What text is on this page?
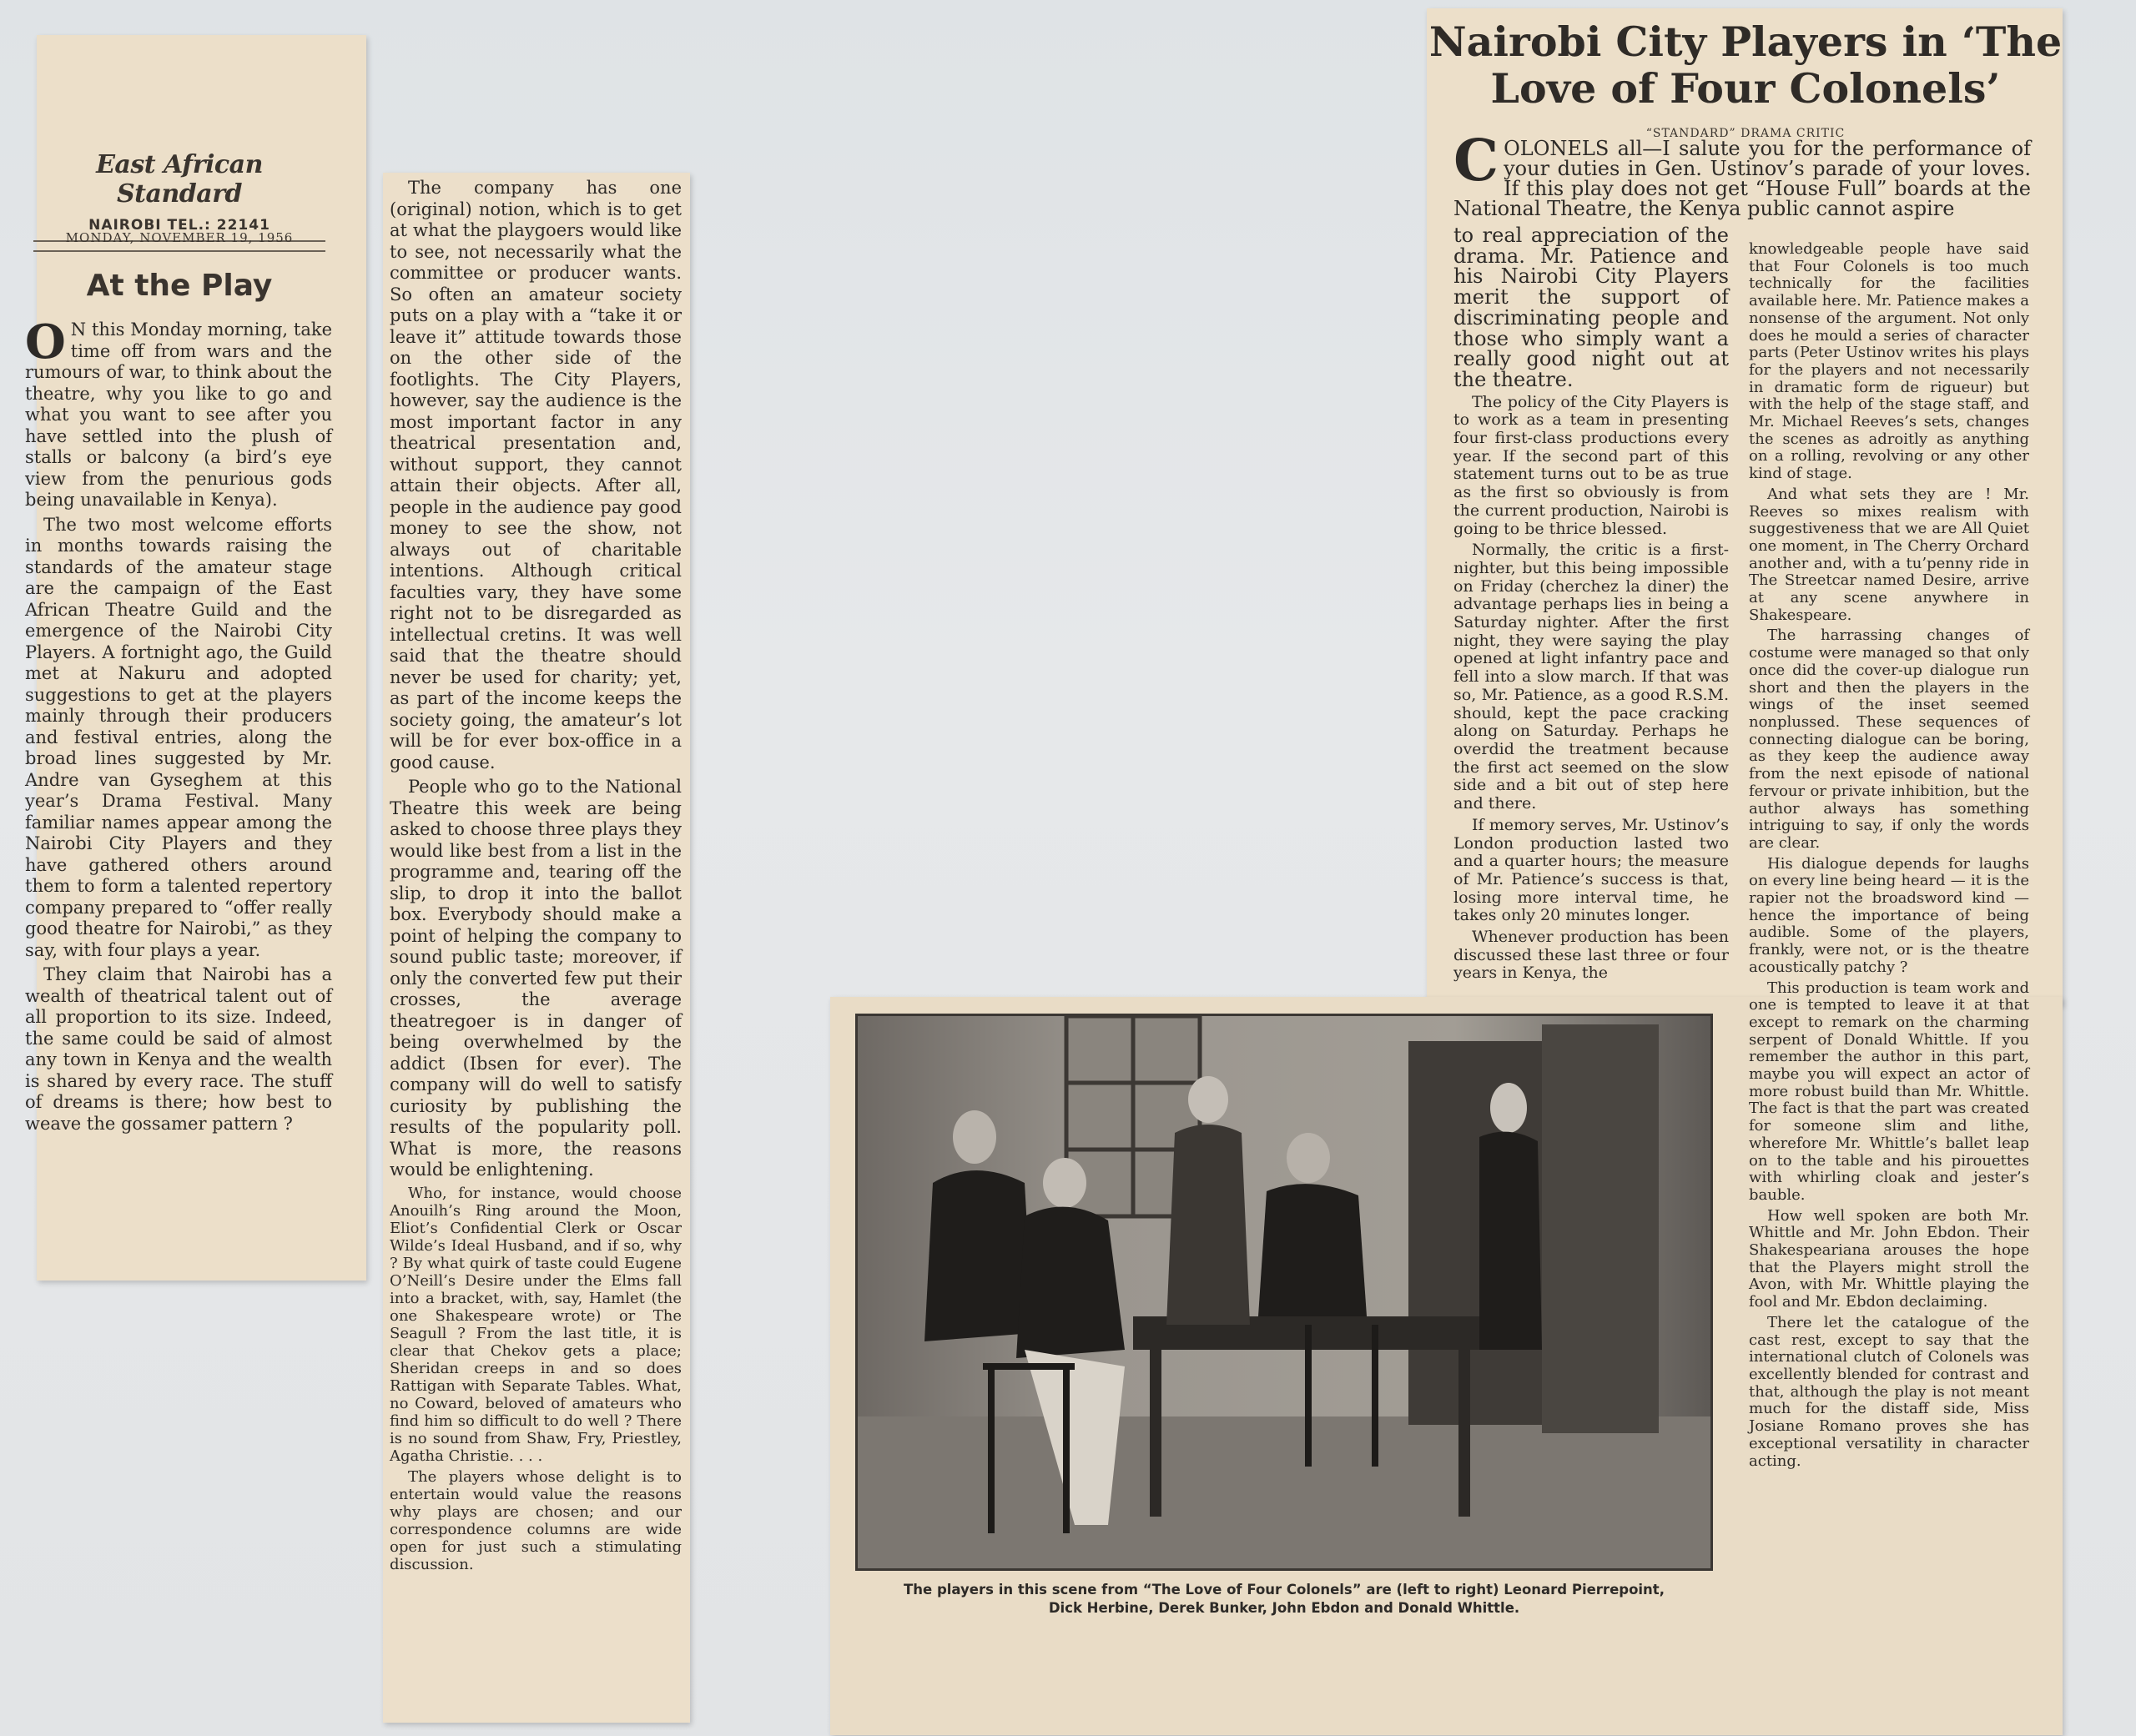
East African Standard
NAIROBI TEL.: 22141
MONDAY, NOVEMBER 19, 1956
At the Play

O N this Monday morning, take time off from wars and the rumours of war, to think about the theatre, why you like to go and what you want to see after you have settled into the plush of stalls or balcony (a bird’s eye view from the penurious gods being unavailable in Kenya).

The two most welcome efforts in months towards raising the standards of the amateur stage are the campaign of the East African Theatre Guild and the emergence of the Nairobi City Players. A fortnight ago, the Guild met at Nakuru and adopted suggestions to get at the players mainly through their producers and festival entries, along the broad lines suggested by Mr. Andre van Gyseghem at this year’s Drama Festival. Many familiar names appear among the Nairobi City Players and they have gathered others around them to form a talented repertory company prepared to “offer really good theatre for Nairobi,” as they say, with four plays a year.

They claim that Nairobi has a wealth of theatrical talent out of all proportion to its size. Indeed, the same could be said of almost any town in Kenya and the wealth is shared by every race. The stuff of dreams is there; how best to weave the gossamer pattern ?

The company has one (original) notion, which is to get at what the playgoers would like to see, not necessarily what the committee or producer wants. So often an amateur society puts on a play with a “take it or leave it” attitude towards those on the other side of the footlights. The City Players, however, say the audience is the most important factor in any theatrical presentation and, without support, they cannot attain their objects. After all, people in the audience pay good money to see the show, not always out of charitable intentions. Although critical faculties vary, they have some right not to be disregarded as intellectual cretins. It was well said that the theatre should never be used for charity; yet, as part of the income keeps the society going, the amateur’s lot will be for ever box-office in a good cause.

People who go to the National Theatre this week are being asked to choose three plays they would like best from a list in the programme and, tearing off the slip, to drop it into the ballot box. Everybody should make a point of helping the company to sound public taste; moreover, if only the converted few put their crosses, the average theatregoer is in danger of being overwhelmed by the addict (Ibsen for ever). The company will do well to satisfy curiosity by publishing the results of the popularity poll. What is more, the reasons would be enlightening.

Who, for instance, would choose Anouilh’s Ring around the Moon, Eliot’s Confidential Clerk or Oscar Wilde’s Ideal Husband, and if so, why ? By what quirk of taste could Eugene O’Neill’s Desire under the Elms fall into a bracket, with, say, Hamlet (the one Shakespeare wrote) or The Seagull ? From the last title, it is clear that Chekov gets a place; Sheridan creeps in and so does Rattigan with Separate Tables. What, no Coward, beloved of amateurs who find him so difficult to do well ? There is no sound from Shaw, Fry, Priestley, Agatha Christie. . . .

The players whose delight is to entertain would value the reasons why plays are chosen; and our correspondence columns are wide open for just such a stimulating discussion.

Nairobi City Players in ‘The Love of Four Colonels’
“STANDARD” DRAMA CRITIC
COLONELS all—I salute you for the performance of your duties in Gen. Ustinov’s parade of your loves. If this play does not get “House Full” boards at the National Theatre, the Kenya public cannot aspire

to real appreciation of the drama. Mr. Patience and his Nairobi City Players merit the support of discriminating people and those who simply want a really good night out at the theatre.

The policy of the City Players is to work as a team in presenting four first-class productions every year. If the second part of this statement turns out to be as true as the first so obviously is from the current production, Nairobi is going to be thrice blessed.

Normally, the critic is a first-nighter, but this being impossible on Friday (cherchez la diner) the advantage perhaps lies in being a Saturday nighter. After the first night, they were saying the play opened at light infantry pace and fell into a slow march. If that was so, Mr. Patience, as a good R.S.M. should, kept the pace cracking along on Saturday. Perhaps he overdid the treatment because the first act seemed on the slow side and a bit out of step here and there.

If memory serves, Mr. Ustinov’s London production lasted two and a quarter hours; the measure of Mr. Patience’s success is that, losing more interval time, he takes only 20 minutes longer.

Whenever production has been discussed these last three or four years in Kenya, the

knowledgeable people have said that Four Colonels is too much technically for the facilities available here. Mr. Patience makes a nonsense of the argument. Not only does he mould a series of character parts (Peter Ustinov writes his plays for the players and not necessarily in dramatic form de rigueur) but with the help of the stage staff, and Mr. Michael Reeves’s sets, changes the scenes as adroitly as anything on a rolling, revolving or any other kind of stage.

And what sets they are ! Mr. Reeves so mixes realism with suggestiveness that we are All Quiet one moment, in The Cherry Orchard another and, with a tu’penny ride in The Streetcar named Desire, arrive at any scene anywhere in Shakespeare.

The harrassing changes of costume were managed so that only once did the cover-up dialogue run short and then the players in the wings of the inset seemed nonplussed. These sequences of connecting dialogue can be boring, as they keep the audience away from the next episode of national fervour or private inhibition, but the author always has something intriguing to say, if only the words are clear.

His dialogue depends for laughs on every line being heard — it is the rapier not the broadsword kind — hence the importance of being audible. Some of the players, frankly, were not, or is the theatre acoustically patchy ?

This production is team work and one is tempted to leave it at that except to remark on the charming serpent of Donald Whittle. If you remember the author in this part, maybe you will expect an actor of more robust build than Mr. Whittle. The fact is that the part was created for someone slim and lithe, wherefore Mr. Whittle’s ballet leap on to the table and his pirouettes with whirling cloak and jester’s bauble.

How well spoken are both Mr. Whittle and Mr. John Ebdon. Their Shakespeariana arouses the hope that the Players might stroll the Avon, with Mr. Whittle playing the fool and Mr. Ebdon declaiming.

There let the catalogue of the cast rest, except to say that the international clutch of Colonels was excellently blended for contrast and that, although the play is not meant much for the distaff side, Miss Josiane Romano proves she has exceptional versatility in character acting.

The players in this scene from “The Love of Four Colonels” are (left to right) Leonard Pierrepoint,
Dick Herbine, Derek Bunker, John Ebdon and Donald Whittle.
